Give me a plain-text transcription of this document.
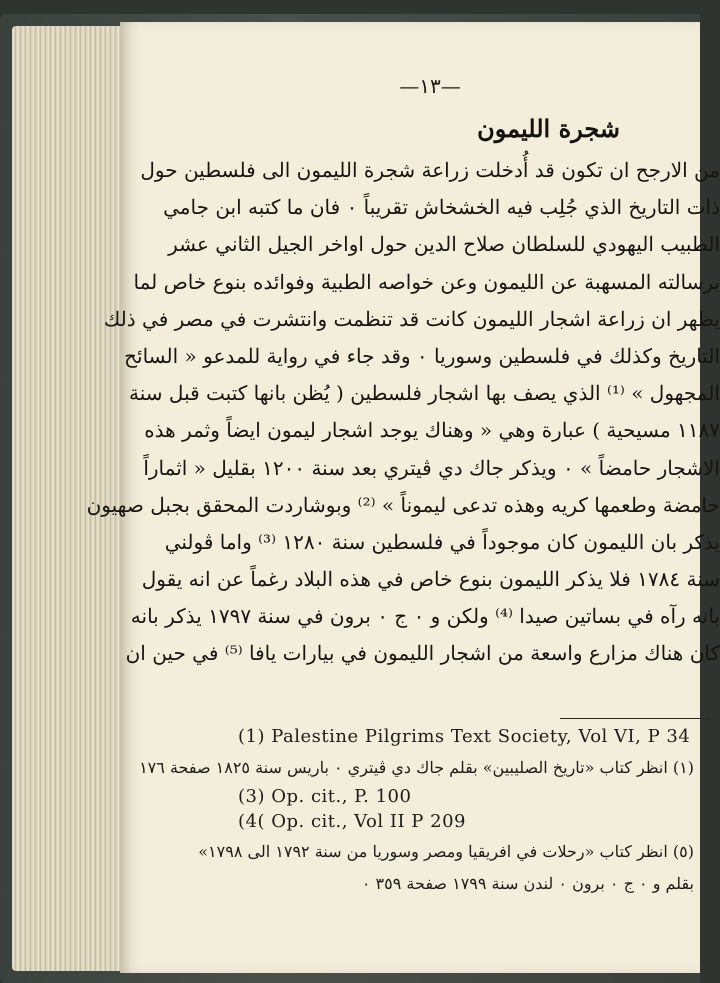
—١٣—
شجرة الليمون
من الارجح ان تكون قد أُدخلت زراعة شجرة الليمون الى فلسطين حول
ذات التاريخ الذي جُلِب فيه الخشخاش تقريباً ٠ فان ما كتبه ابن جامي
الطبيب اليهودي للسلطان صلاح الدين حول اواخر الجيل الثاني عشر
برسالته المسهبة عن الليمون وعن خواصه الطبية وفوائده بنوع خاص لما
يظهر ان زراعة اشجار الليمون كانت قد تنظمت وانتشرت في مصر في ذلك
التاريخ وكذلك في فلسطين وسوريا ٠ وقد جاء في رواية للمدعو « السائح
المجهول » ⁽¹⁾ الذي يصف بها اشجار فلسطين ( يُظن بانها كتبت قبل سنة
١١٨٧ مسيحية ) عبارة وهي « وهناك يوجد اشجار ليمون ايضاً وثمر هذه
الاشجار حامضاً » ٠ ويذكر جاك دي ڤيتري بعد سنة ١٢٠٠ بقليل « اثماراً
حامضة وطعمها كريه وهذه تدعى ليموناً » ⁽²⁾ وبوشاردت المحقق بجبل صهيون
يذكر بان الليمون كان موجوداً في فلسطين سنة ١٢٨٠ ⁽³⁾ واما ڤولني
سنة ١٧٨٤ فلا يذكر الليمون بنوع خاص في هذه البلاد رغماً عن انه يقول
بانه رآه في بساتين صيدا ⁽⁴⁾ ولكن و ٠ ج ٠ برون في سنة ١٧٩٧ يذكر بانه
كان هناك مزارع واسعة من اشجار الليمون في بيارات يافا ⁽⁵⁾ في حين ان
(1) Palestine Pilgrims Text Society, Vol VI, P 34
(١) انظر كتاب «تاريخ الصليبين» بقلم جاك دي ڤيتري ٠ باريس سنة ١٨٢٥ صفحة ١٧٦
(3) Op. cit., P. 100
(4( Op. cit., Vol II P 209
(٥) انظر كتاب «رحلات في افريقيا ومصر وسوريا من سنة ١٧٩٢ الى ١٧٩٨»
بقلم و ٠ ج ٠ برون ٠ لندن سنة ١٧٩٩ صفحة ٣٥٩ ٠
